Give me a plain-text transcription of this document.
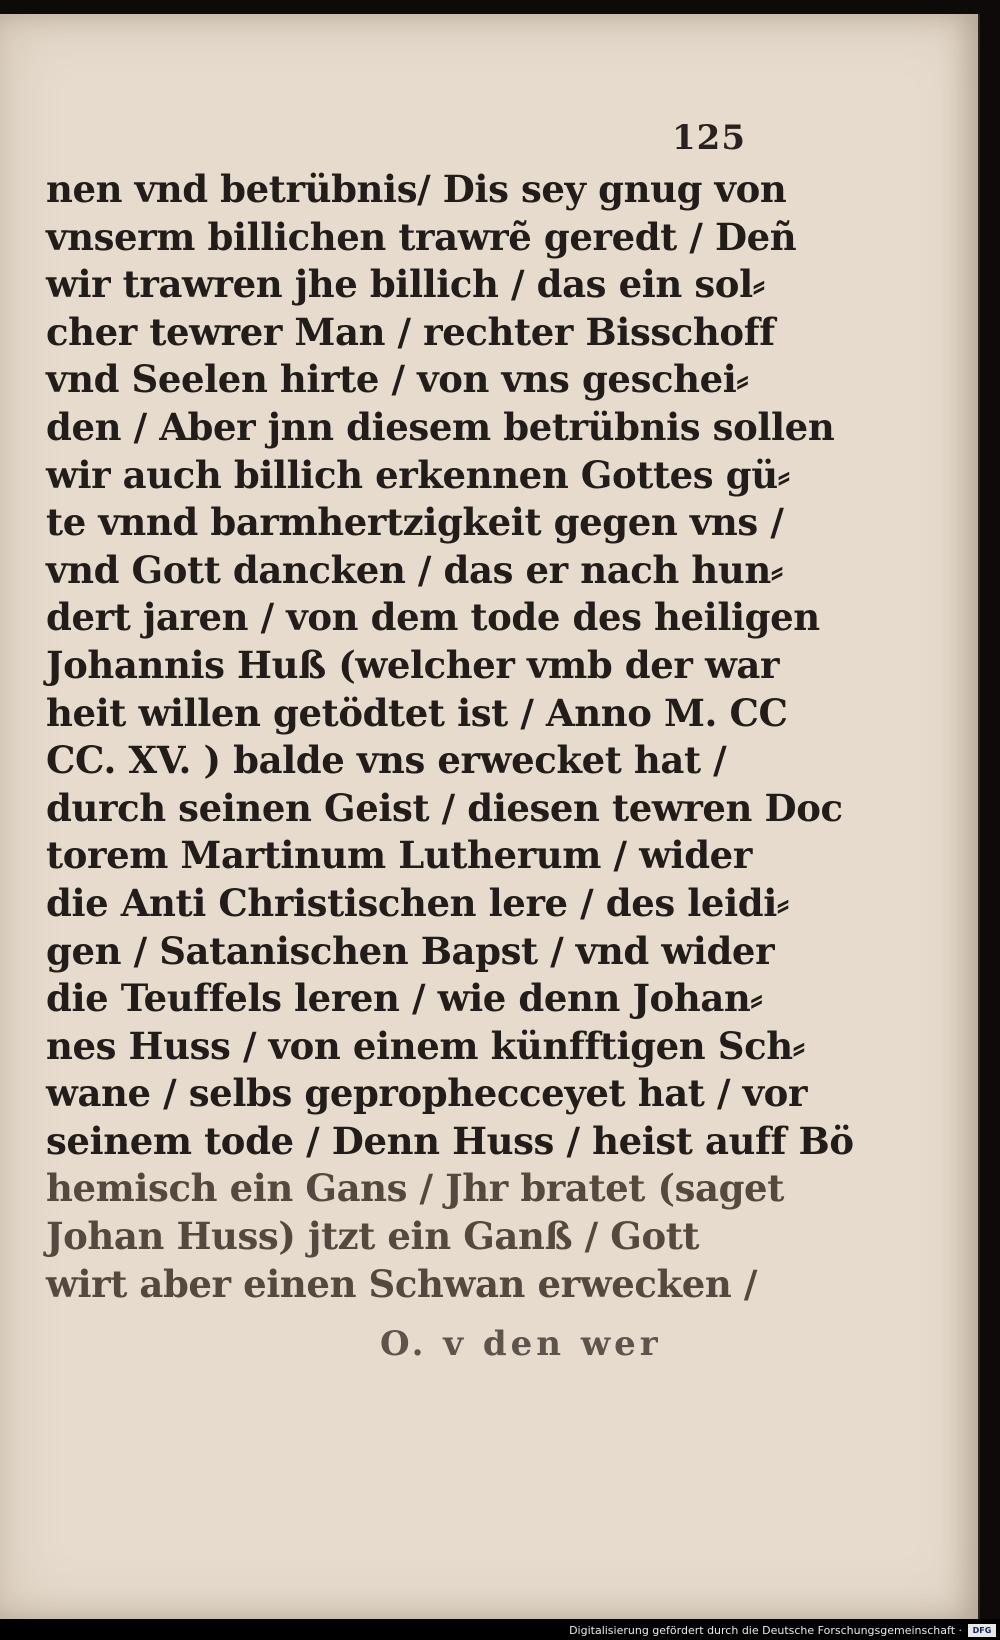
125
nen vnd betrübnis/ Dis sey gnug von
vnserm billichen trawrẽ geredt / Deñ
wir trawren jhe billich / das ein sol⸗
cher tewrer Man / rechter Bisschoff
vnd Seelen hirte / von vns geschei⸗
den / Aber jnn diesem betrübnis sollen
wir auch billich erkennen Gottes gü⸗
te vnnd barmhertzigkeit gegen vns /
vnd Gott dancken / das er nach hun⸗
dert jaren / von dem tode des heiligen
Johannis Huß (welcher vmb der war
heit willen getödtet ist / Anno M. CC
CC. XV. ) balde vns erwecket hat /
durch seinen Geist / diesen tewren Doc
torem Martinum Lutherum / wider
die Anti Christischen lere / des leidi⸗
gen / Satanischen Bapst / vnd wider
die Teuffels leren / wie denn Johan⸗
nes Huss / von einem künfftigen Sch⸗
wane / selbs geprophecceyet hat / vor
seinem tode / Denn Huss / heist auff Bö
hemisch ein Gans / Jhr bratet (saget
Johan Huss) jtzt ein Ganß / Gott
wirt aber einen Schwan erwecken /
O. v den wer
Digitalisierung gefördert durch die Deutsche Forschungsgemeinschaft ·	DFG
